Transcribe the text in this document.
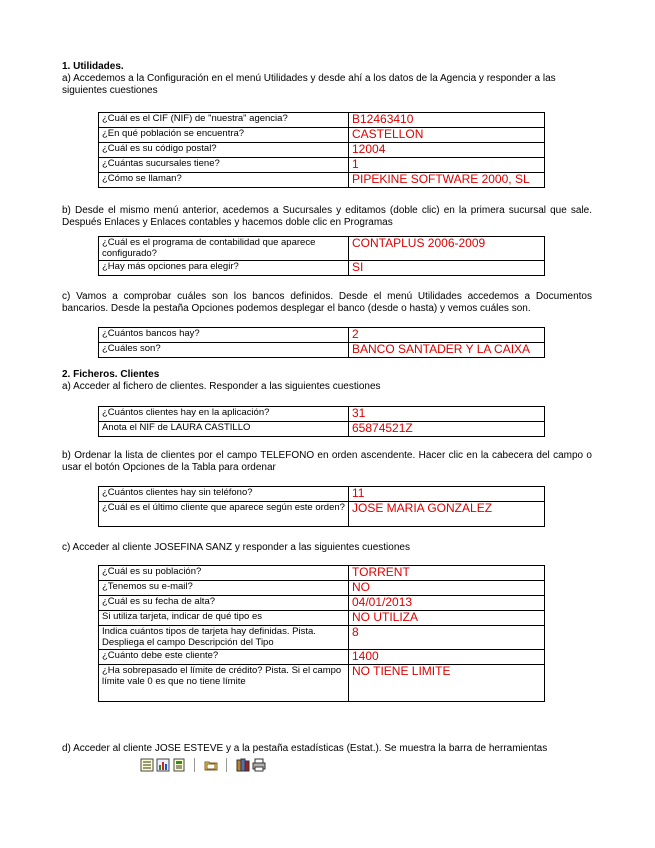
1. Utilidades.
a) Accedemos a la Configuración en el menú Utilidades y desde ahí a los datos de la Agencia y responder a las siguientes cuestiones
¿Cuál es el CIF (NIF) de "nuestra" agencia?	B12463410
¿En qué población se encuentra?	CASTELLON
¿Cuál es su código postal?	12004
¿Cuántas sucursales tiene?	1
¿Cómo se llaman?	PIPEKINE SOFTWARE 2000, SL
b) Desde el mismo menú anterior, acedemos a Sucursales y editamos (doble clic) en la primera sucursal que sale. Después Enlaces y Enlaces contables y hacemos doble clic en Programas
¿Cuál es el programa de contabilidad que aparece configurado?	CONTAPLUS 2006-2009
¿Hay más opciones para elegir?	SI
c) Vamos a comprobar cuáles son los bancos definidos. Desde el menú Utilidades accedemos a Documentos bancarios. Desde la pestaña Opciones podemos desplegar el banco (desde o hasta) y vemos cuáles son.
¿Cuántos bancos hay?	2
¿Cuáles son?	BANCO SANTADER Y LA CAIXA
2. Ficheros. Clientes
a) Acceder al fichero de clientes. Responder a las siguientes cuestiones
¿Cuántos clientes hay en la aplicación?	31
Anota el NIF de LAURA CASTILLO	65874521Z
b) Ordenar la lista de clientes por el campo TELEFONO en orden ascendente. Hacer clic en la cabecera del campo o usar el botón Opciones de la Tabla para ordenar
¿Cuántos clientes hay sin teléfono?	11
¿Cuál es el último cliente que aparece según este orden?	JOSE MARIA GONZALEZ
c) Acceder al cliente JOSEFINA SANZ y responder a las siguientes cuestiones
¿Cuál es su población?	TORRENT
¿Tenemos su e-mail?	NO
¿Cuál es su fecha de alta?	04/01/2013
Si utiliza tarjeta, indicar de qué tipo es	NO UTILIZA
Indica cuántos tipos de tarjeta hay definidas. Pista. Despliega el campo Descripción del Tipo	8
¿Cuánto debe este cliente?	1400
¿Ha sobrepasado el límite de crédito? Pista. Si el campo límite vale 0 es que no tiene límite	NO TIENE LIMITE
d) Acceder al cliente JOSE ESTEVE y a la pestaña estadísticas (Estat.). Se muestra la barra de herramientas
